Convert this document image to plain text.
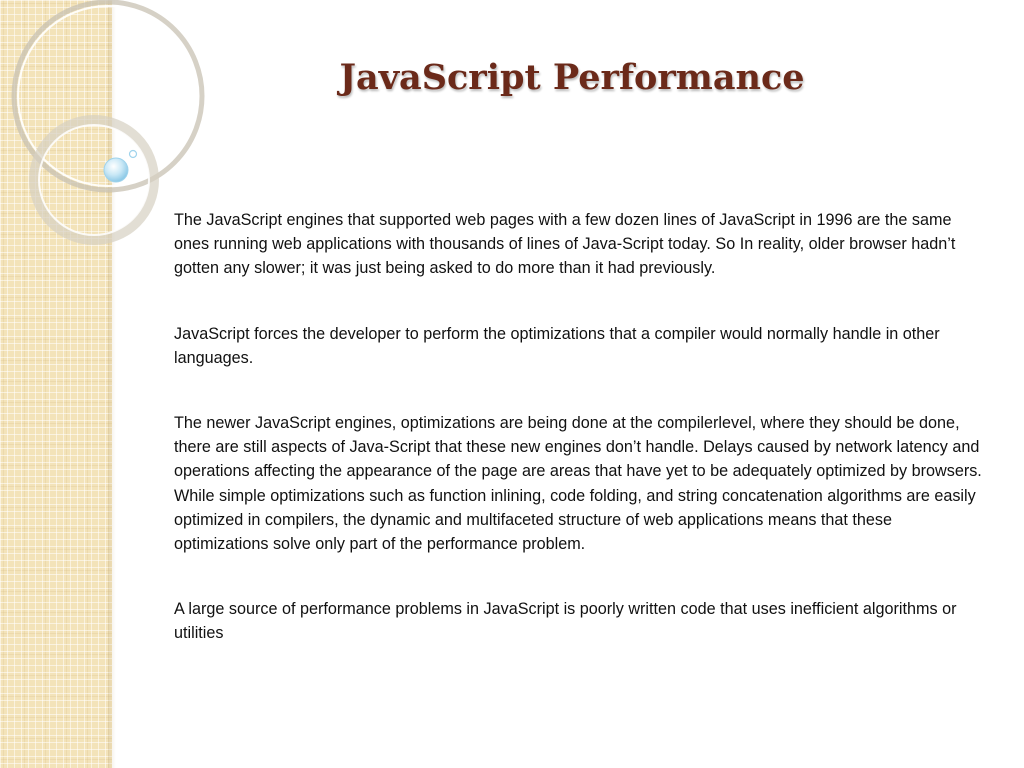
JavaScript Performance

The JavaScript engines that supported web pages with a few dozen lines of JavaScript in 1996 are the same ones running web applications with thousands of lines of Java-Script today. So In reality, older browser hadn’t gotten any slower; it was just being asked to do more than it had previously.

JavaScript forces the developer to perform the optimizations that a compiler would normally handle in other languages.

The newer JavaScript engines, optimizations are being done at the compilerlevel, where they should be done, there are still aspects of Java-Script that these new engines don’t handle. Delays caused by network latency and operations affecting the appearance of the page are areas that have yet to be adequately optimized by browsers. While simple optimizations such as function inlining, code folding, and string concatenation algorithms are easily optimized in compilers, the dynamic and multifaceted structure of web applications means that these optimizations solve only part of the performance problem.

A large source of performance problems in JavaScript is poorly written code that uses inefficient algorithms or utilities
